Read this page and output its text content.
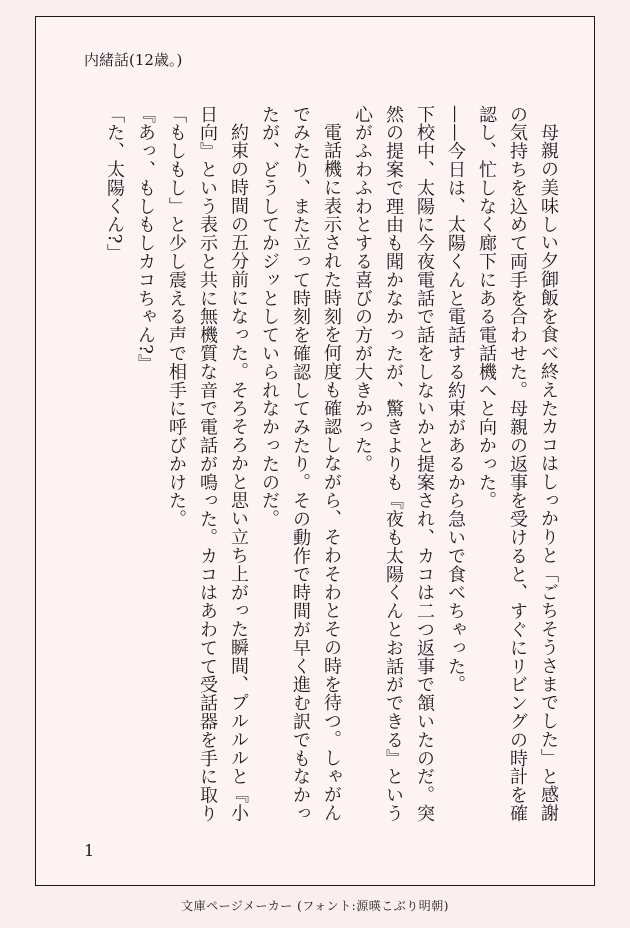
内緒話(12歳。)

母親の美味しい夕御飯を食べ終えたカコはしっかりと「ごちそうさまでした」と感謝の気持ちを込めて両手を合わせた。母親の返事を受けると、すぐにリビングの時計を確認し、忙しなく廊下にある電話機へと向かった。

——今日は、太陽くんと電話する約束があるから急いで食べちゃった。

下校中、太陽に今夜電話で話をしないかと提案され、カコは二つ返事で頷いたのだ。突然の提案で理由も聞かなかったが、驚きよりも『夜も太陽くんとお話ができる』という心がふわふわとする喜びの方が大きかった。

電話機に表示された時刻を何度も確認しながら、そわそわとその時を待つ。しゃがんでみたり、また立って時刻を確認してみたり。その動作で時間が早く進む訳でもなかったが、どうしてかジッとしていられなかったのだ。

約束の時間の五分前になった。そろそろかと思い立ち上がった瞬間、プルルルと『小日向』という表示と共に無機質な音で電話が鳴った。カコはあわてて受話器を手に取り「もしもし」と少し震える声で相手に呼びかけた。

『あっ、もしもしカコちゃん?』

「た、太陽くん?」

1
文庫ページメーカー (フォント:源暎こぶり明朝)
